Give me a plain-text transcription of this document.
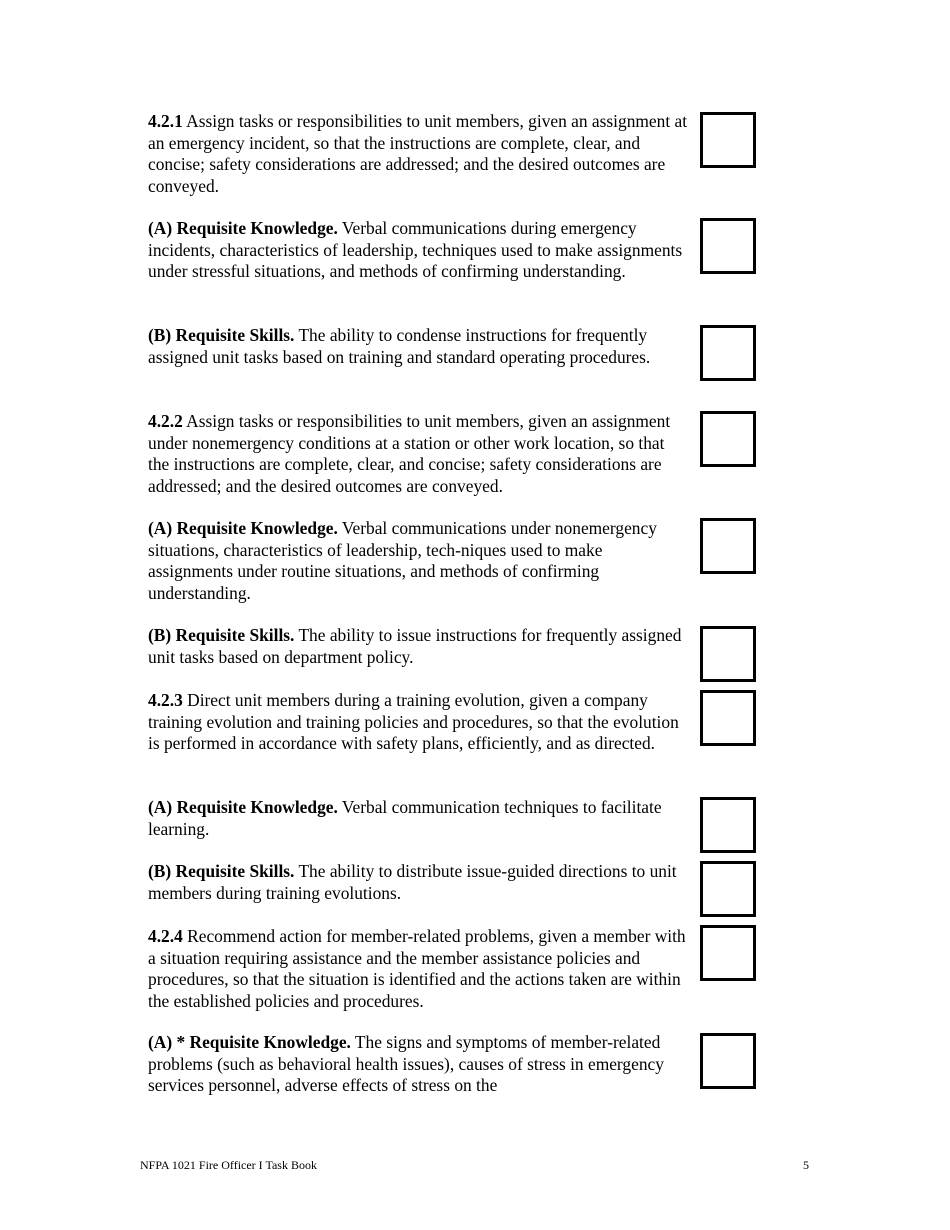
4.2.1 Assign tasks or responsibilities to unit members, given an assignment at an emergency incident, so that the instructions are complete, clear, and concise; safety considerations are addressed; and the desired outcomes are conveyed.
(A) Requisite Knowledge. Verbal communications during emergency incidents, characteristics of leadership, techniques used to make assignments under stressful situations, and methods of confirming understanding.
(B) Requisite Skills. The ability to condense instructions for frequently assigned unit tasks based on training and standard operating procedures.
4.2.2 Assign tasks or responsibilities to unit members, given an assignment under nonemergency conditions at a station or other work location, so that the instructions are complete, clear, and concise; safety considerations are addressed; and the desired outcomes are conveyed.
(A) Requisite Knowledge. Verbal communications under nonemergency situations, characteristics of leadership, tech-niques used to make assignments under routine situations, and methods of confirming understanding.
(B) Requisite Skills. The ability to issue instructions for frequently assigned unit tasks based on department policy.
4.2.3 Direct unit members during a training evolution, given a company training evolution and training policies and procedures, so that the evolution is performed in accordance with safety plans, efficiently, and as directed.
(A) Requisite Knowledge. Verbal communication techniques to facilitate learning.
(B) Requisite Skills. The ability to distribute issue-guided directions to unit members during training evolutions.
4.2.4 Recommend action for member-related problems, given a member with a situation requiring assistance and the member assistance policies and procedures, so that the situation is identified and the actions taken are within the established policies and procedures.
(A) * Requisite Knowledge. The signs and symptoms of member-related problems (such as behavioral health issues), causes of stress in emergency services personnel, adverse effects of stress on the
NFPA 1021 Fire Officer I Task Book	5
